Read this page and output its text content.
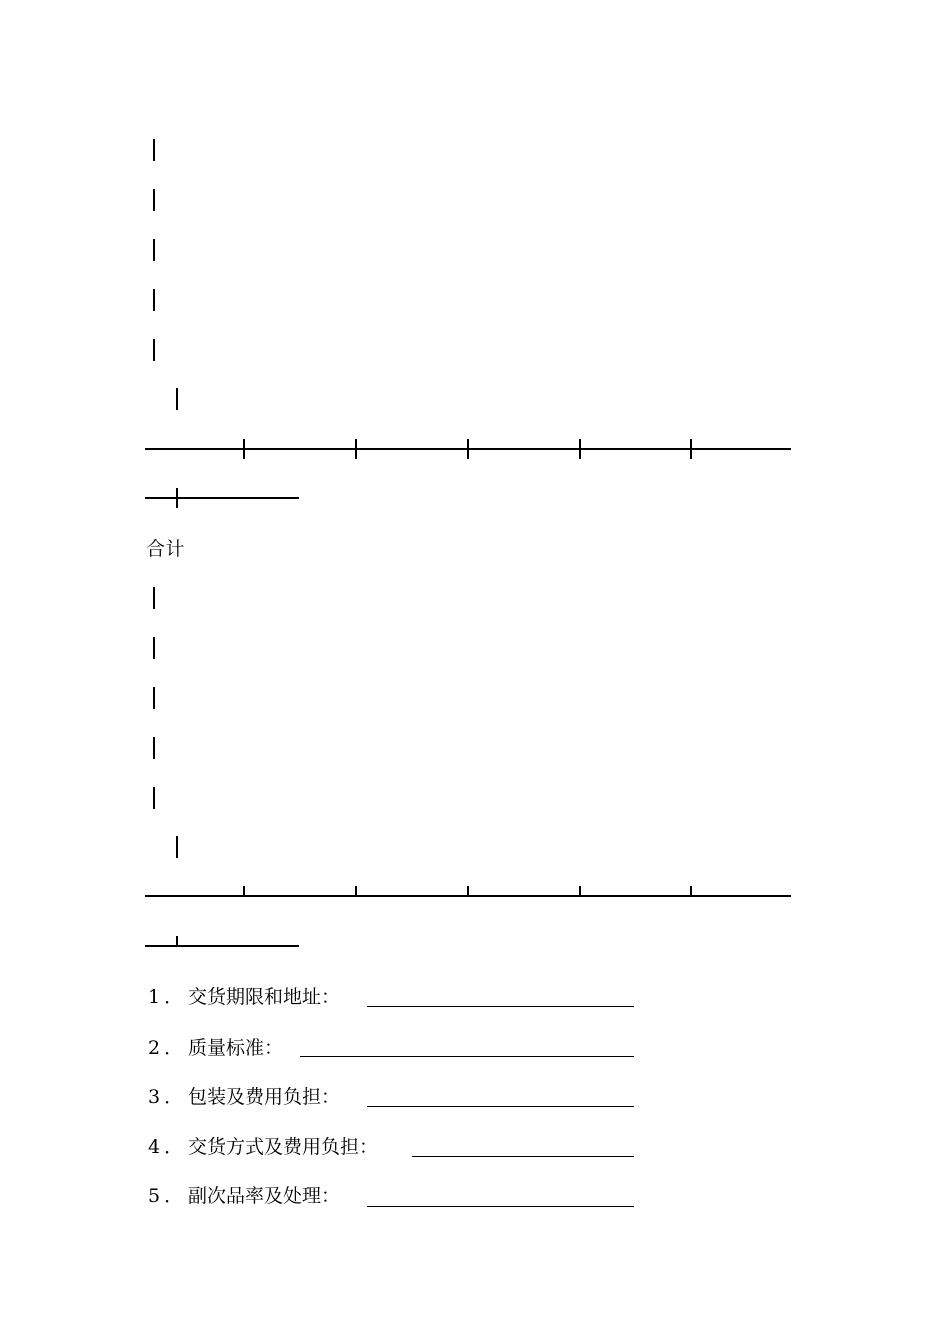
合计
1．交货期限和地址：
2．质量标准：
3．包装及费用负担：
4．交货方式及费用负担：
5．副次品率及处理：
